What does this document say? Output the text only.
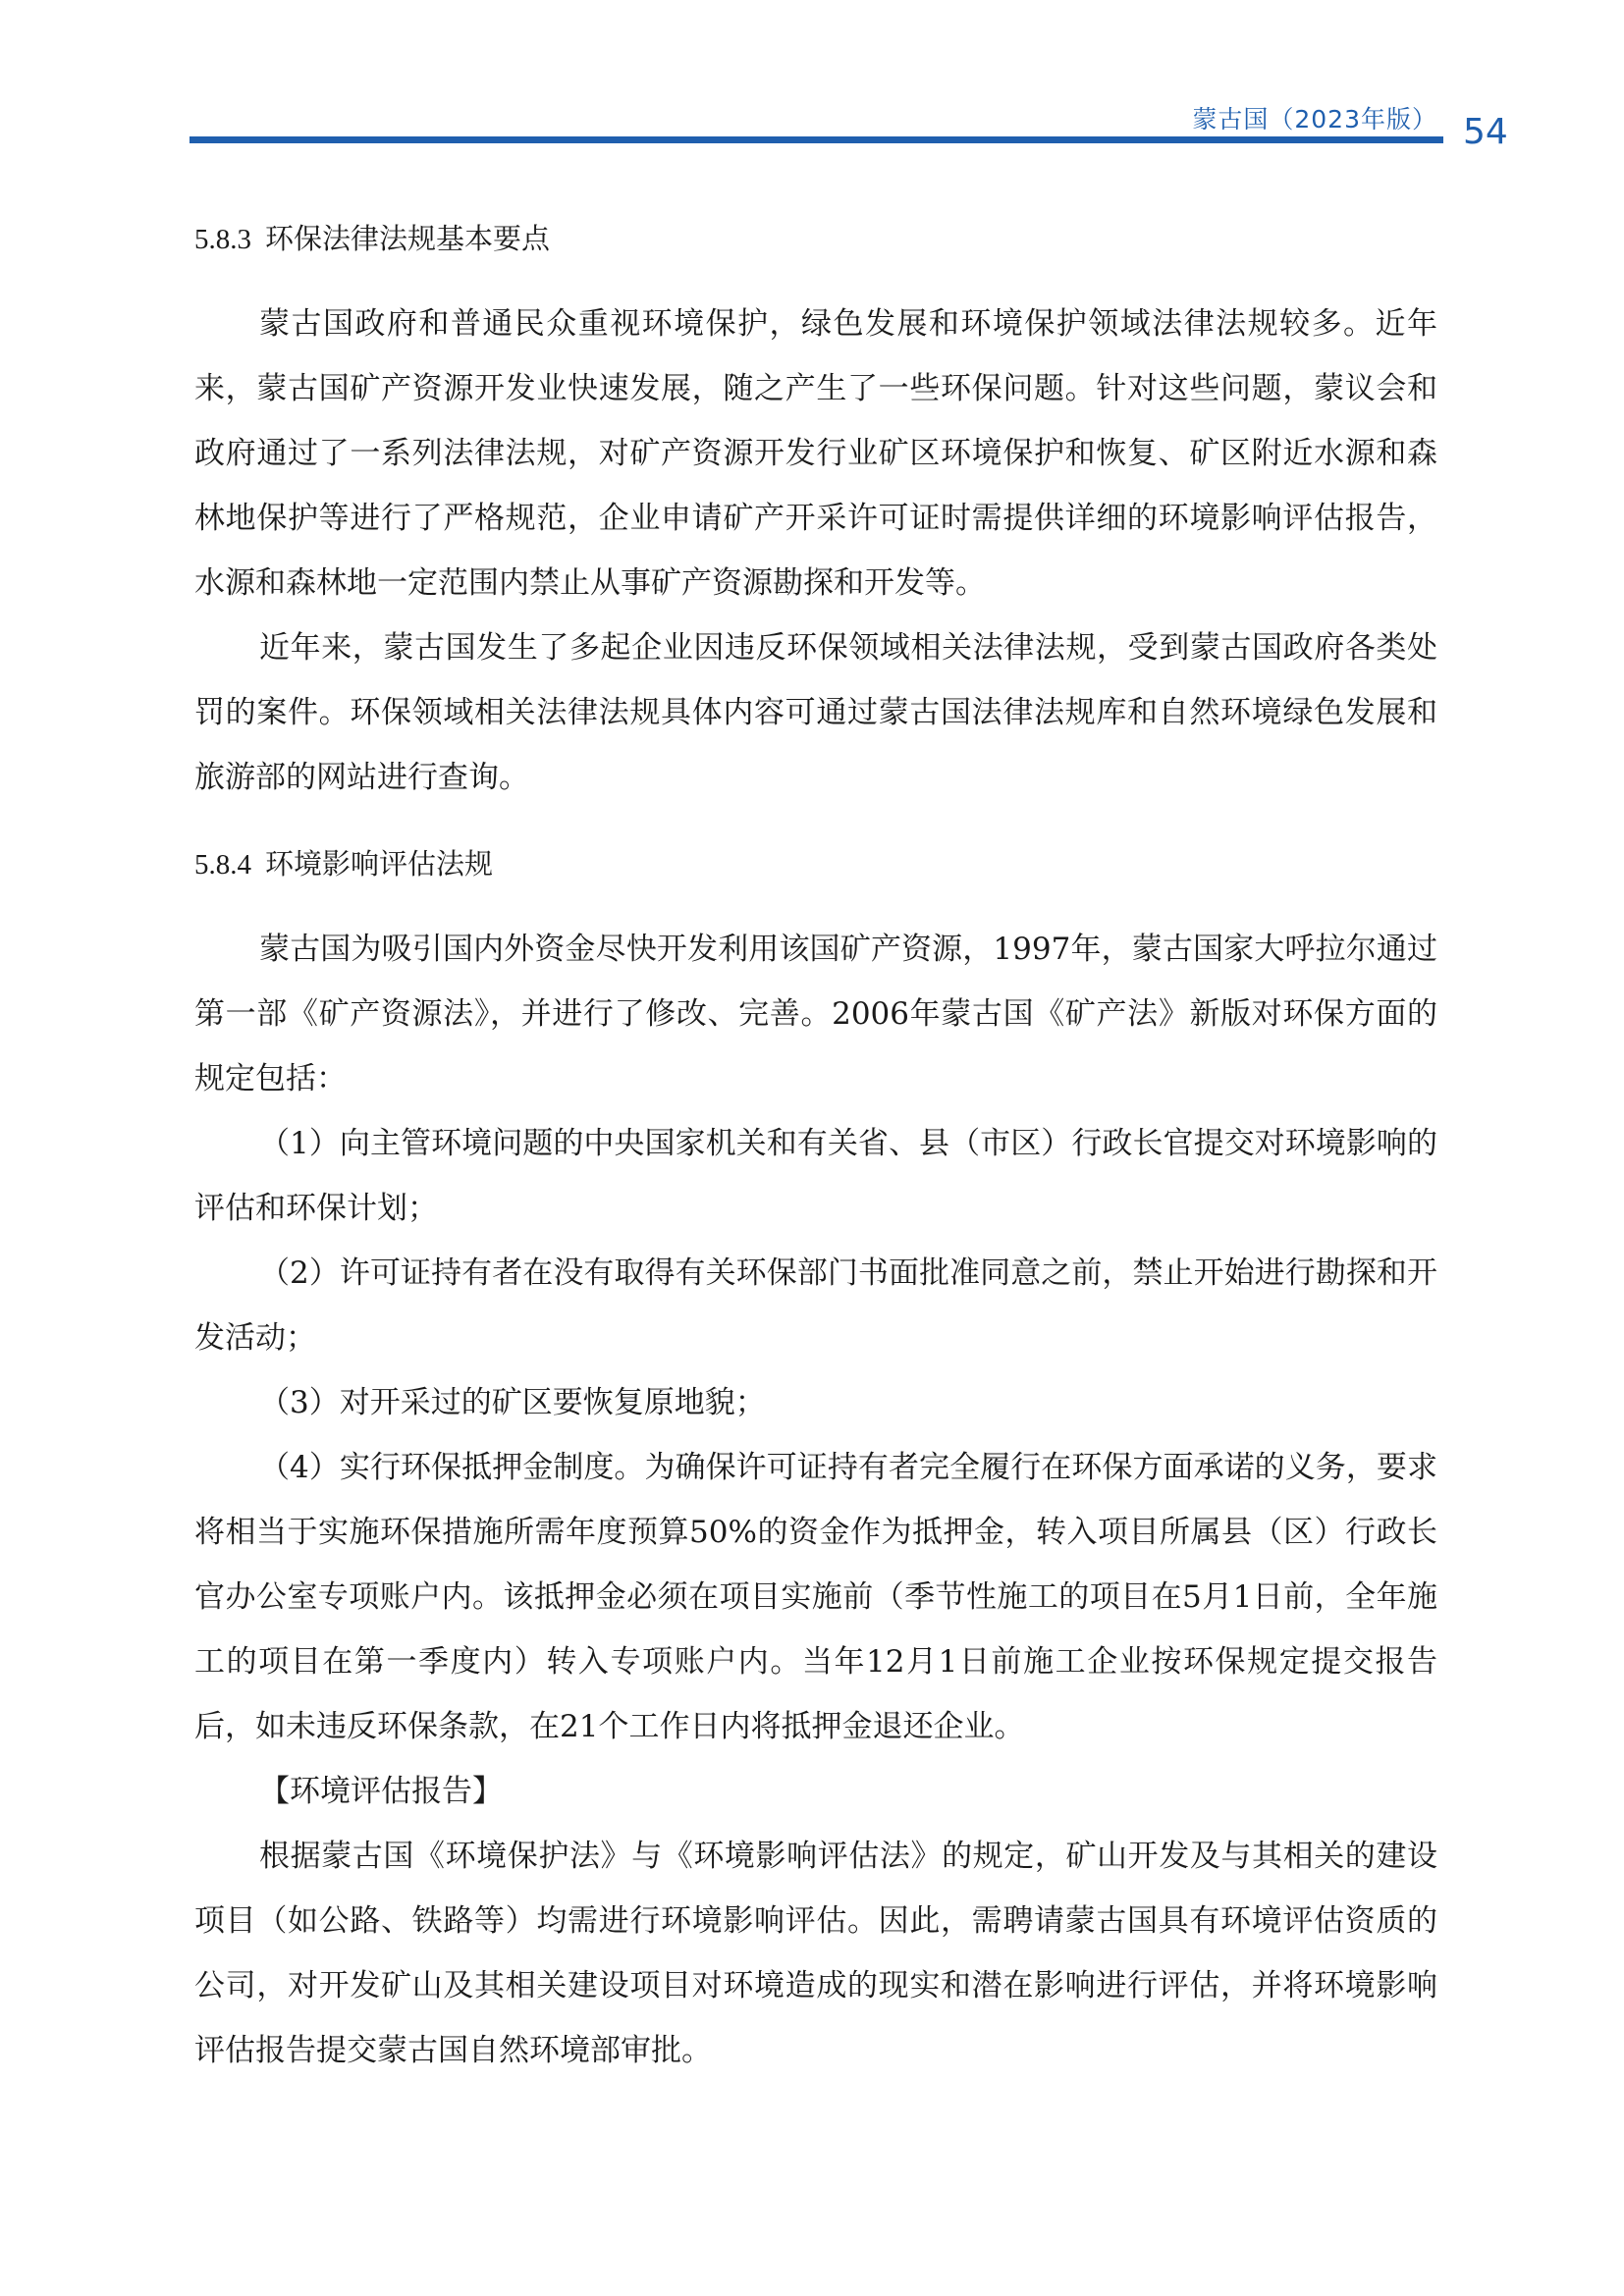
蒙古国（2023年版） 54
5.8.3 环保法律法规基本要点

蒙古国政府和普通民众重视环境保护，绿色发展和环境保护领域法律法规较多。近年来，蒙古国矿产资源开发业快速发展，随之产生了一些环保问题。针对这些问题，蒙议会和政府通过了一系列法律法规，对矿产资源开发行业矿区环境保护和恢复、矿区附近水源和森林地保护等进行了严格规范，企业申请矿产开采许可证时需提供详细的环境影响评估报告，水源和森林地一定范围内禁止从事矿产资源勘探和开发等。

近年来，蒙古国发生了多起企业因违反环保领域相关法律法规，受到蒙古国政府各类处罚的案件。环保领域相关法律法规具体内容可通过蒙古国法律法规库和自然环境绿色发展和旅游部的网站进行查询。

5.8.4 环境影响评估法规

蒙古国为吸引国内外资金尽快开发利用该国矿产资源，1997年，蒙古国家大呼拉尔通过第一部《矿产资源法》，并进行了修改、完善。2006年蒙古国《矿产法》新版对环保方面的规定包括：

（1）向主管环境问题的中央国家机关和有关省、县（市区）行政长官提交对环境影响的评估和环保计划；

（2）许可证持有者在没有取得有关环保部门书面批准同意之前，禁止开始进行勘探和开发活动；

（3）对开采过的矿区要恢复原地貌；

（4）实行环保抵押金制度。为确保许可证持有者完全履行在环保方面承诺的义务，要求将相当于实施环保措施所需年度预算50%的资金作为抵押金，转入项目所属县（区）行政长官办公室专项账户内。该抵押金必须在项目实施前（季节性施工的项目在5月1日前，全年施工的项目在第一季度内）转入专项账户内。当年12月1日前施工企业按环保规定提交报告后，如未违反环保条款，在21个工作日内将抵押金退还企业。

【环境评估报告】

根据蒙古国《环境保护法》与《环境影响评估法》的规定，矿山开发及与其相关的建设项目（如公路、铁路等）均需进行环境影响评估。因此，需聘请蒙古国具有环境评估资质的公司，对开发矿山及其相关建设项目对环境造成的现实和潜在影响进行评估，并将环境影响评估报告提交蒙古国自然环境部审批。
